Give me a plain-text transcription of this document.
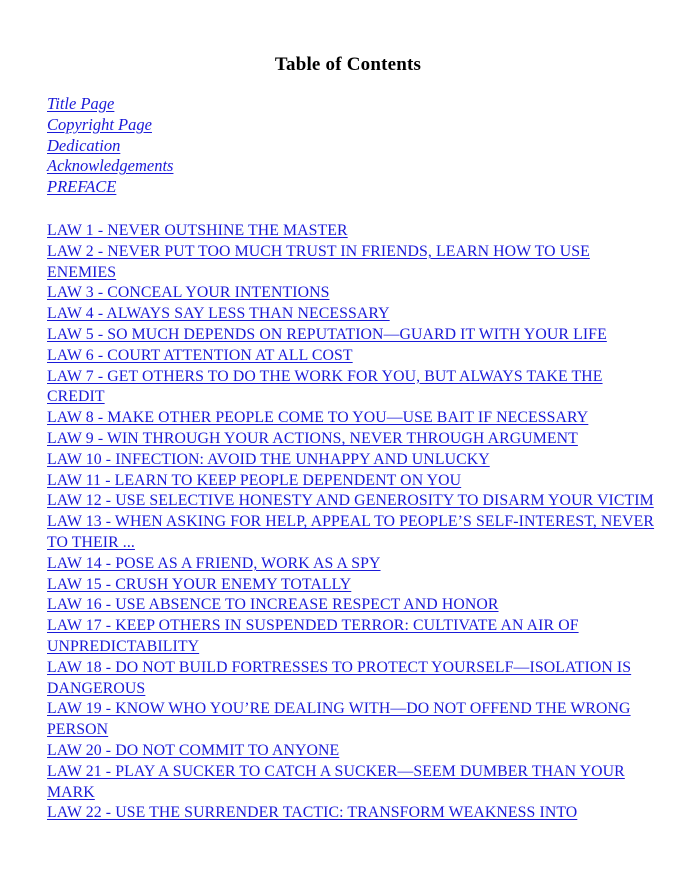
Table of Contents
Title Page
Copyright Page
Dedication
Acknowledgements
PREFACE
LAW 1 - NEVER OUTSHINE THE MASTER
LAW 2 - NEVER PUT TOO MUCH TRUST IN FRIENDS, LEARN HOW TO USE ENEMIES
LAW 3 - CONCEAL YOUR INTENTIONS
LAW 4 - ALWAYS SAY LESS THAN NECESSARY
LAW 5 - SO MUCH DEPENDS ON REPUTATION—GUARD IT WITH YOUR LIFE
LAW 6 - COURT ATTENTION AT ALL COST
LAW 7 - GET OTHERS TO DO THE WORK FOR YOU, BUT ALWAYS TAKE THE CREDIT
LAW 8 - MAKE OTHER PEOPLE COME TO YOU—USE BAIT IF NECESSARY
LAW 9 - WIN THROUGH YOUR ACTIONS, NEVER THROUGH ARGUMENT
LAW 10 - INFECTION: AVOID THE UNHAPPY AND UNLUCKY
LAW 11 - LEARN TO KEEP PEOPLE DEPENDENT ON YOU
LAW 12 - USE SELECTIVE HONESTY AND GENEROSITY TO DISARM YOUR VICTIM
LAW 13 - WHEN ASKING FOR HELP, APPEAL TO PEOPLE’S SELF-INTEREST, NEVER TO THEIR ...
LAW 14 - POSE AS A FRIEND, WORK AS A SPY
LAW 15 - CRUSH YOUR ENEMY TOTALLY
LAW 16 - USE ABSENCE TO INCREASE RESPECT AND HONOR
LAW 17 - KEEP OTHERS IN SUSPENDED TERROR: CULTIVATE AN AIR OF UNPREDICTABILITY
LAW 18 - DO NOT BUILD FORTRESSES TO PROTECT YOURSELF—ISOLATION IS DANGEROUS
LAW 19 - KNOW WHO YOU’RE DEALING WITH—DO NOT OFFEND THE WRONG PERSON
LAW 20 - DO NOT COMMIT TO ANYONE
LAW 21 - PLAY A SUCKER TO CATCH A SUCKER—SEEM DUMBER THAN YOUR MARK
LAW 22 - USE THE SURRENDER TACTIC: TRANSFORM WEAKNESS INTO
